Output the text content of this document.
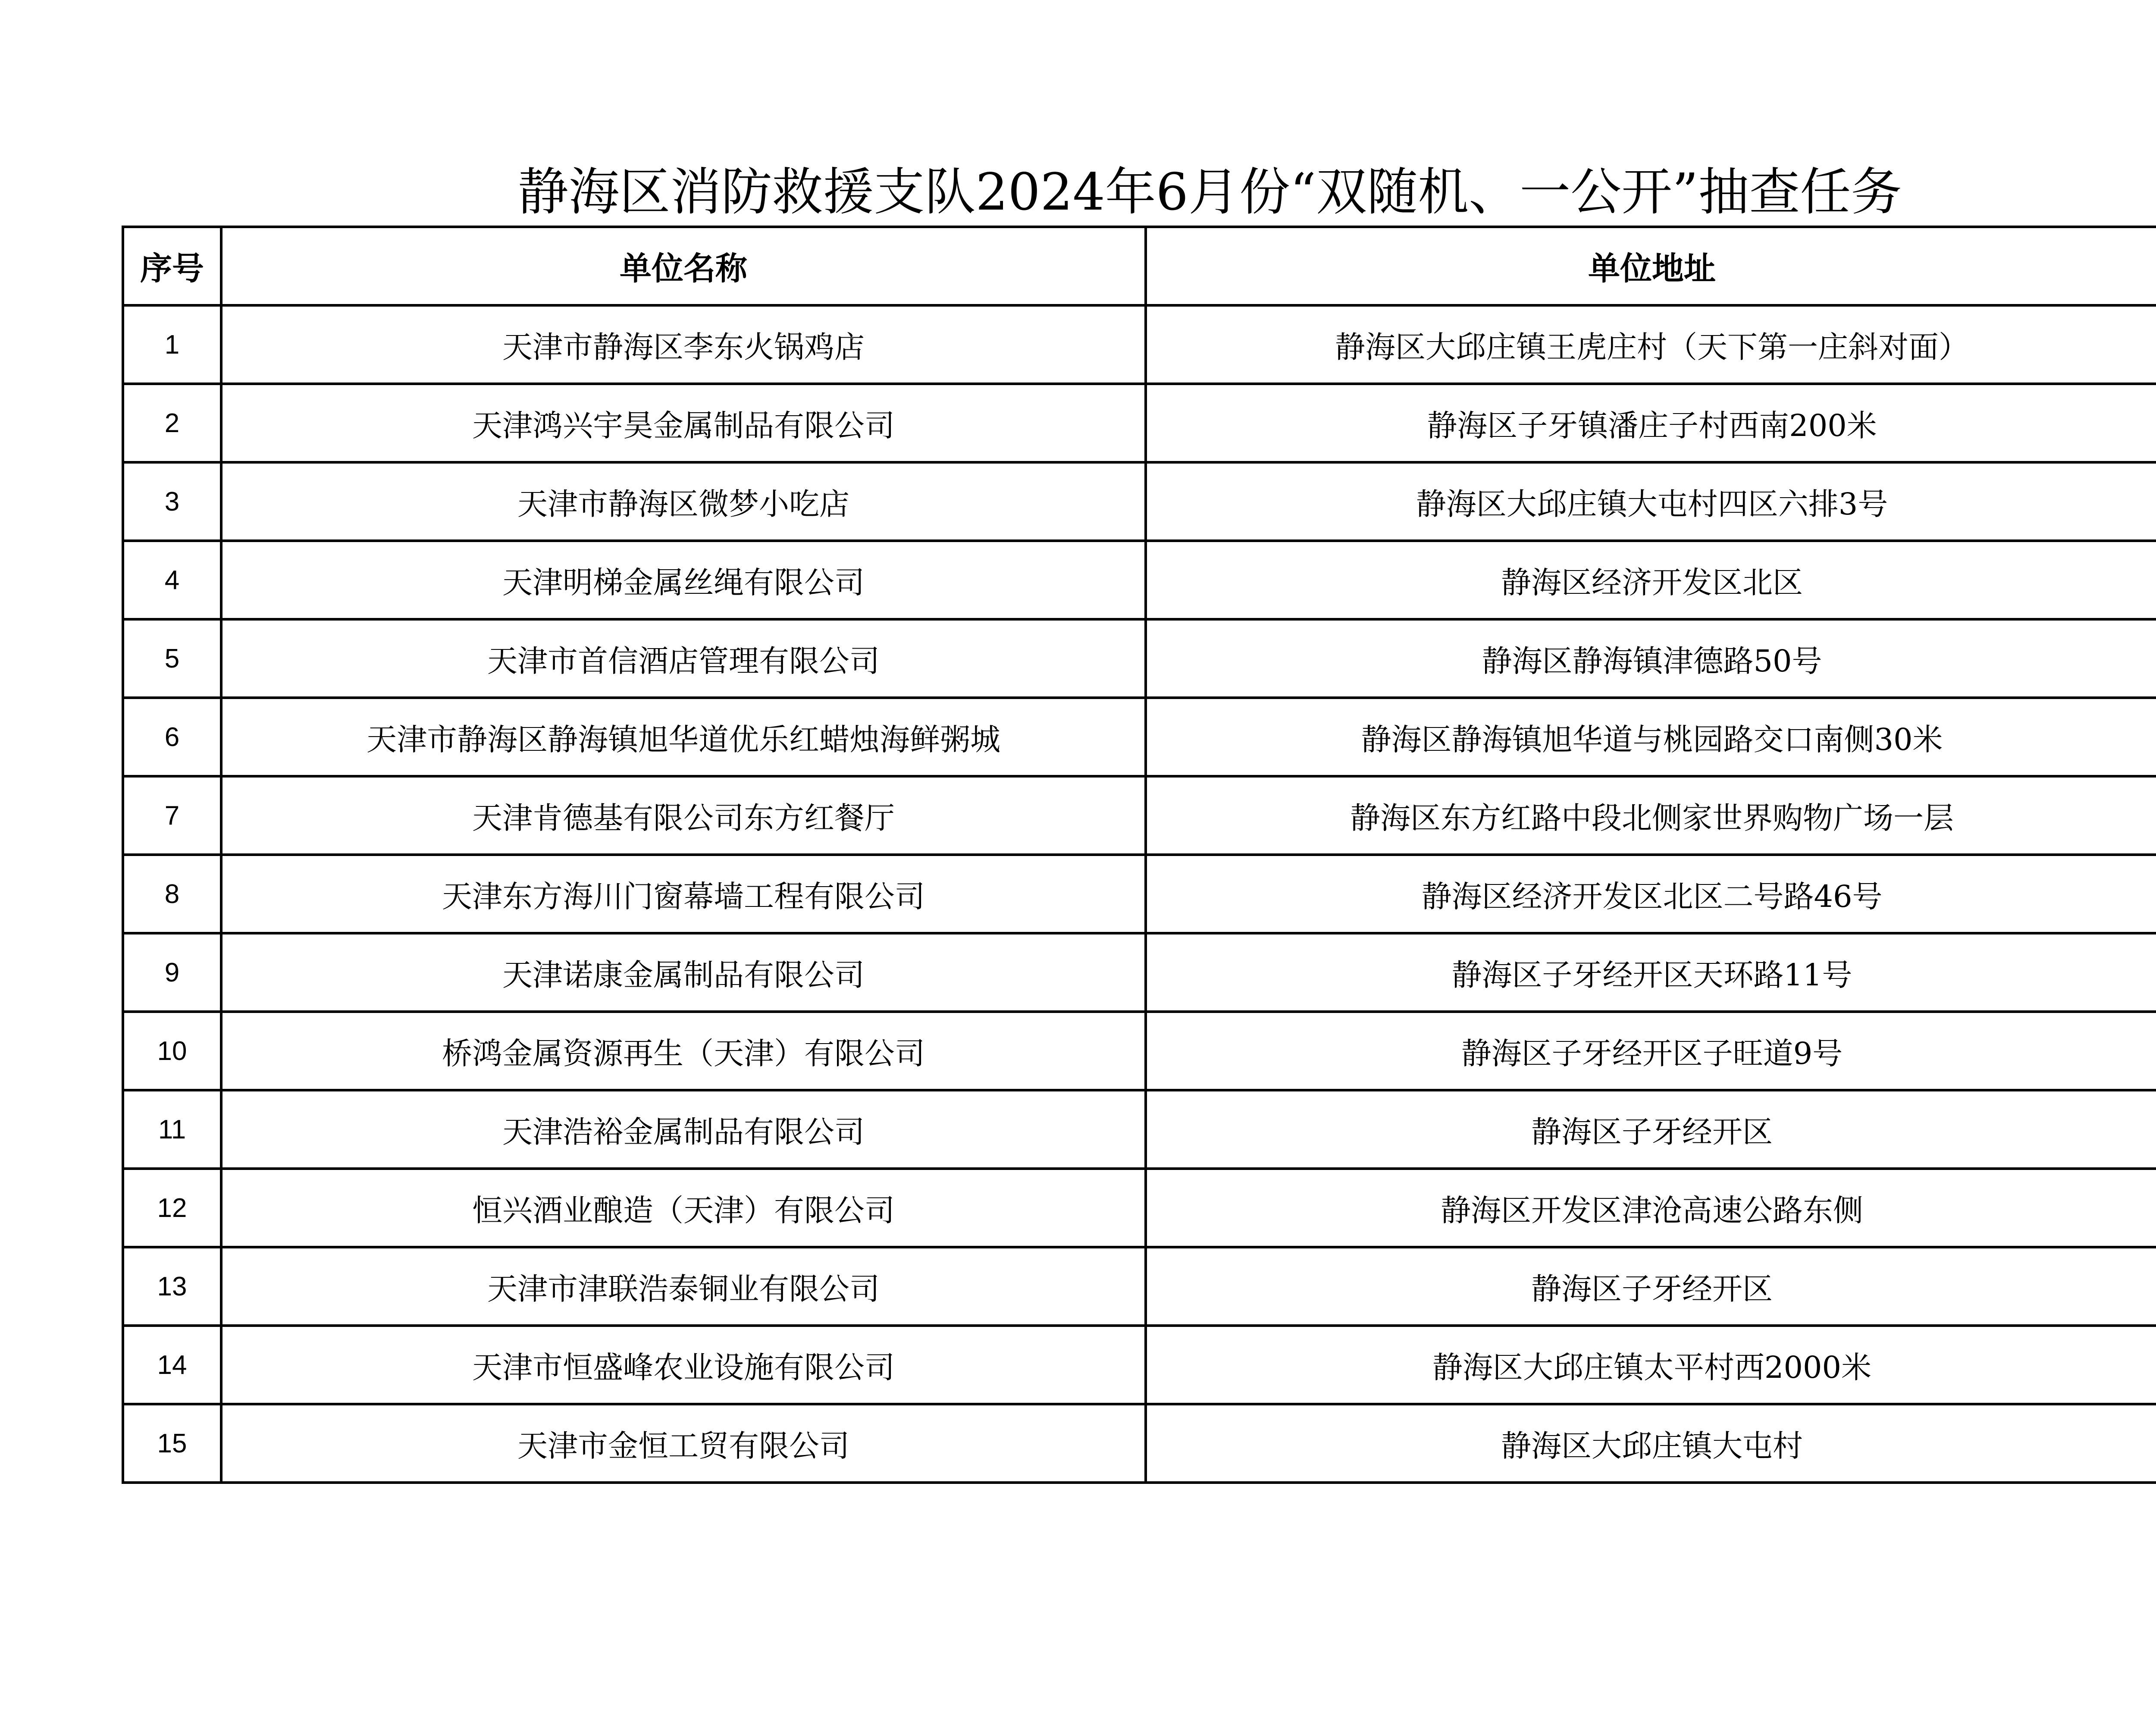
静海区消防救援支队2024年6月份“双随机、一公开”抽查任务
序号	单位名称	单位地址	
1	天津市静海区李东火锅鸡店	静海区大邱庄镇王虎庄村（天下第一庄斜对面）	
2	天津鸿兴宇昊金属制品有限公司	静海区子牙镇潘庄子村西南200米	
3	天津市静海区微梦小吃店	静海区大邱庄镇大屯村四区六排3号	
4	天津明梯金属丝绳有限公司	静海区经济开发区北区	
5	天津市首信酒店管理有限公司	静海区静海镇津德路50号	
6	天津市静海区静海镇旭华道优乐红蜡烛海鲜粥城	静海区静海镇旭华道与桃园路交口南侧30米	
7	天津肯德基有限公司东方红餐厅	静海区东方红路中段北侧家世界购物广场一层	
8	天津东方海川门窗幕墙工程有限公司	静海区经济开发区北区二号路46号	
9	天津诺康金属制品有限公司	静海区子牙经开区天环路11号	
10	桥鸿金属资源再生（天津）有限公司	静海区子牙经开区子旺道9号	
11	天津浩裕金属制品有限公司	静海区子牙经开区	
12	恒兴酒业酿造（天津）有限公司	静海区开发区津沧高速公路东侧	
13	天津市津联浩泰铜业有限公司	静海区子牙经开区	
14	天津市恒盛峰农业设施有限公司	静海区大邱庄镇太平村西2000米	
15	天津市金恒工贸有限公司	静海区大邱庄镇大屯村	
